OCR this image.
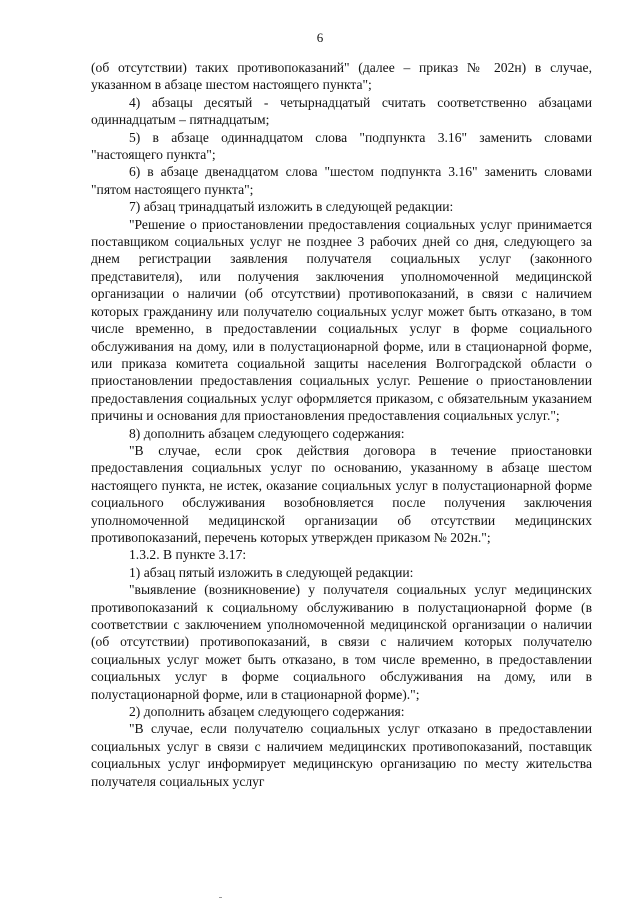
6

(об отсутствии) таких противопоказаний" (далее – приказ № 202н) в случае, указанном в абзаце шестом настоящего пункта";

4) абзацы десятый - четырнадцатый считать соответственно абзацами одиннадцатым – пятнадцатым;

5) в абзаце одиннадцатом слова "подпункта 3.16" заменить словами "настоящего пункта";

6) в абзаце двенадцатом слова "шестом подпункта 3.16" заменить словами "пятом настоящего пункта";

7) абзац тринадцатый изложить в следующей редакции:

"Решение о приостановлении предоставления социальных услуг принимается поставщиком социальных услуг не позднее 3 рабочих дней со дня, следующего за днем регистрации заявления получателя социальных услуг (законного представителя), или получения заключения уполномоченной медицинской организации о наличии (об отсутствии) противопоказаний, в связи с наличием которых гражданину или получателю социальных услуг может быть отказано, в том числе временно, в предоставлении социальных услуг в форме социального обслуживания на дому, или в полустационарной форме, или в стационарной форме, или приказа комитета социальной защиты населения Волгоградской области о приостановлении предоставления социальных услуг. Решение о приостановлении предоставления социальных услуг оформляется приказом, с обязательным указанием причины и основания для приостановления предоставления социальных услуг.";

8) дополнить абзацем следующего содержания:

"В случае, если срок действия договора в течение приостановки предоставления социальных услуг по основанию, указанному в абзаце шестом настоящего пункта, не истек, оказание социальных услуг в полустационарной форме социального обслуживания возобновляется после получения заключения уполномоченной медицинской организации об отсутствии медицинских противопоказаний, перечень которых утвержден приказом № 202н.";

1.3.2. В пункте 3.17:

1) абзац пятый изложить в следующей редакции:

"выявление (возникновение) у получателя социальных услуг медицинских противопоказаний к социальному обслуживанию в полустационарной форме (в соответствии с заключением уполномоченной медицинской организации о наличии (об отсутствии) противопоказаний, в связи с наличием которых получателю социальных услуг может быть отказано, в том числе временно, в предоставлении социальных услуг в форме социального обслуживания на дому, или в полустационарной форме, или в стационарной форме).";

2) дополнить абзацем следующего содержания:

"В случае, если получателю социальных услуг отказано в предоставлении социальных услуг в связи с наличием медицинских противопоказаний, поставщик социальных услуг информирует медицинскую организацию по месту жительства получателя социальных услуг
